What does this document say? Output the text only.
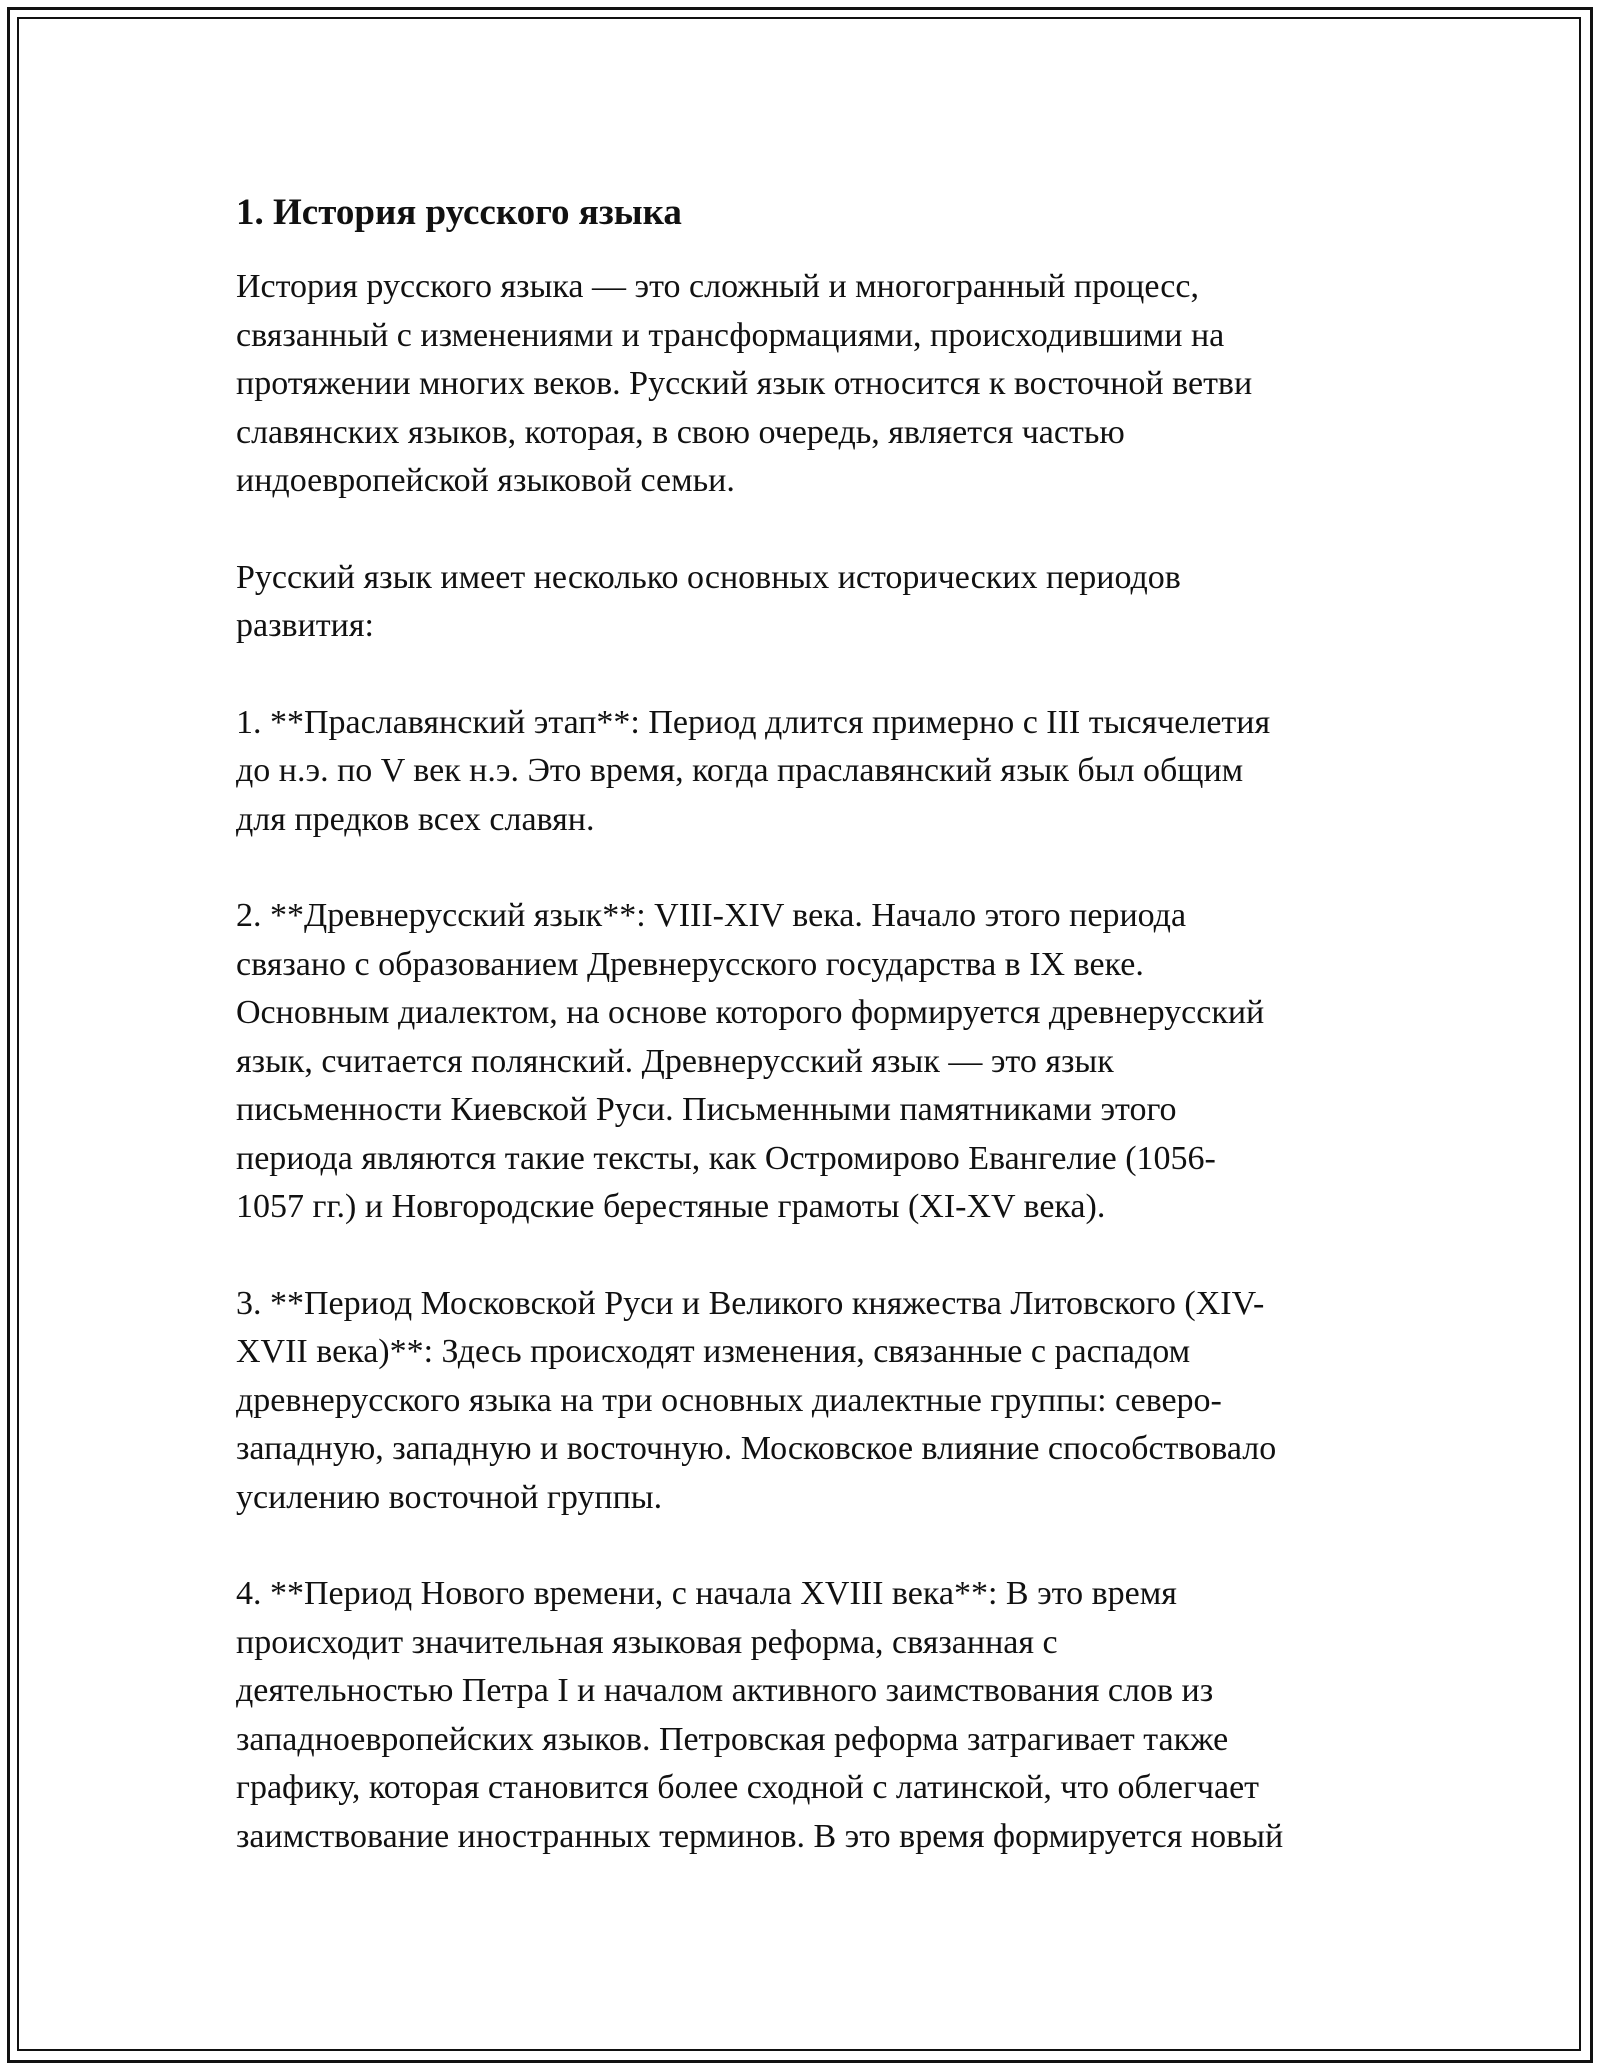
1. История русского языка

История русского языка — это сложный и многогранный процесс,
связанный с изменениями и трансформациями, происходившими на
протяжении многих веков. Русский язык относится к восточной ветви
славянских языков, которая, в свою очередь, является частью
индоевропейской языковой семьи.

Русский язык имеет несколько основных исторических периодов
развития:

1. **Праславянский этап**: Период длится примерно с III тысячелетия
до н.э. по V век н.э. Это время, когда праславянский язык был общим
для предков всех славян.

2. **Древнерусский язык**: VIII-XIV века. Начало этого периода
связано с образованием Древнерусского государства в IX веке.
Основным диалектом, на основе которого формируется древнерусский
язык, считается полянский. Древнерусский язык — это язык
письменности Киевской Руси. Письменными памятниками этого
периода являются такие тексты, как Остромирово Евангелие (1056-
1057 гг.) и Новгородские берестяные грамоты (XI-XV века).

3. **Период Московской Руси и Великого княжества Литовского (XIV-
XVII века)**: Здесь происходят изменения, связанные с распадом
древнерусского языка на три основных диалектные группы: северо-
западную, западную и восточную. Московское влияние способствовало
усилению восточной группы.

4. **Период Нового времени, с начала XVIII века**: В это время
происходит значительная языковая реформа, связанная с
деятельностью Петра I и началом активного заимствования слов из
западноевропейских языков. Петровская реформа затрагивает также
графику, которая становится более сходной с латинской, что облегчает
заимствование иностранных терминов. В это время формируется новый
